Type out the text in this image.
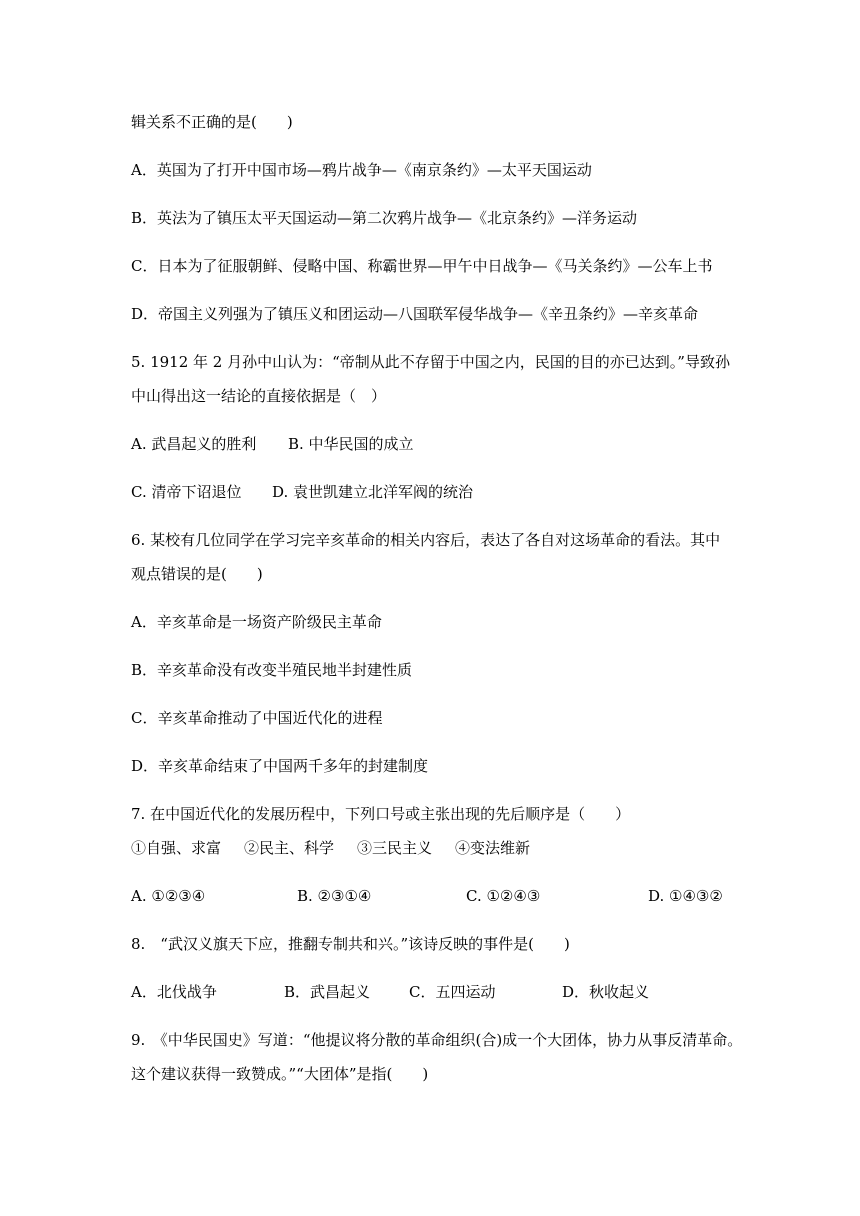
辑关系不正确的是(　　)
A．英国为了打开中国市场—鸦片战争—《南京条约》—太平天国运动
B．英法为了镇压太平天国运动—第二次鸦片战争—《北京条约》—洋务运动
C．日本为了征服朝鲜、侵略中国、称霸世界—甲午中日战争—《马关条约》—公车上书
D．帝国主义列强为了镇压义和团运动—八国联军侵华战争—《辛丑条约》—辛亥革命
5. 1912 年 2 月孙中山认为：“帝制从此不存留于中国之内，民国的目的亦已达到。”导致孙
中山得出这一结论的直接依据是（　）
A. 武昌起义的胜利 B. 中华民国的成立
C. 清帝下诏退位 D. 袁世凯建立北洋军阀的统治
6. 某校有几位同学在学习完辛亥革命的相关内容后，表达了各自对这场革命的看法。其中
观点错误的是(　　)
A．辛亥革命是一场资产阶级民主革命
B．辛亥革命没有改变半殖民地半封建性质
C．辛亥革命推动了中国近代化的进程
D．辛亥革命结束了中国两千多年的封建制度
7. 在中国近代化的发展历程中，下列口号或主张出现的先后顺序是（　　）
①自强、求富 ②民主、科学 ③三民主义 ④变法维新
A. ①②③④	B. ②③①④	C. ①②④③	D. ①④③②
8.　“武汉义旗天下应，推翻专制共和兴。”该诗反映的事件是(　　)
A．北伐战争	B．武昌起义	C．五四运动	D．秋收起义
9.　《中华民国史》写道：“他提议将分散的革命组织(合)成一个大团体，协力从事反清革命。
这个建议获得一致赞成。”“大团体”是指(　　)
